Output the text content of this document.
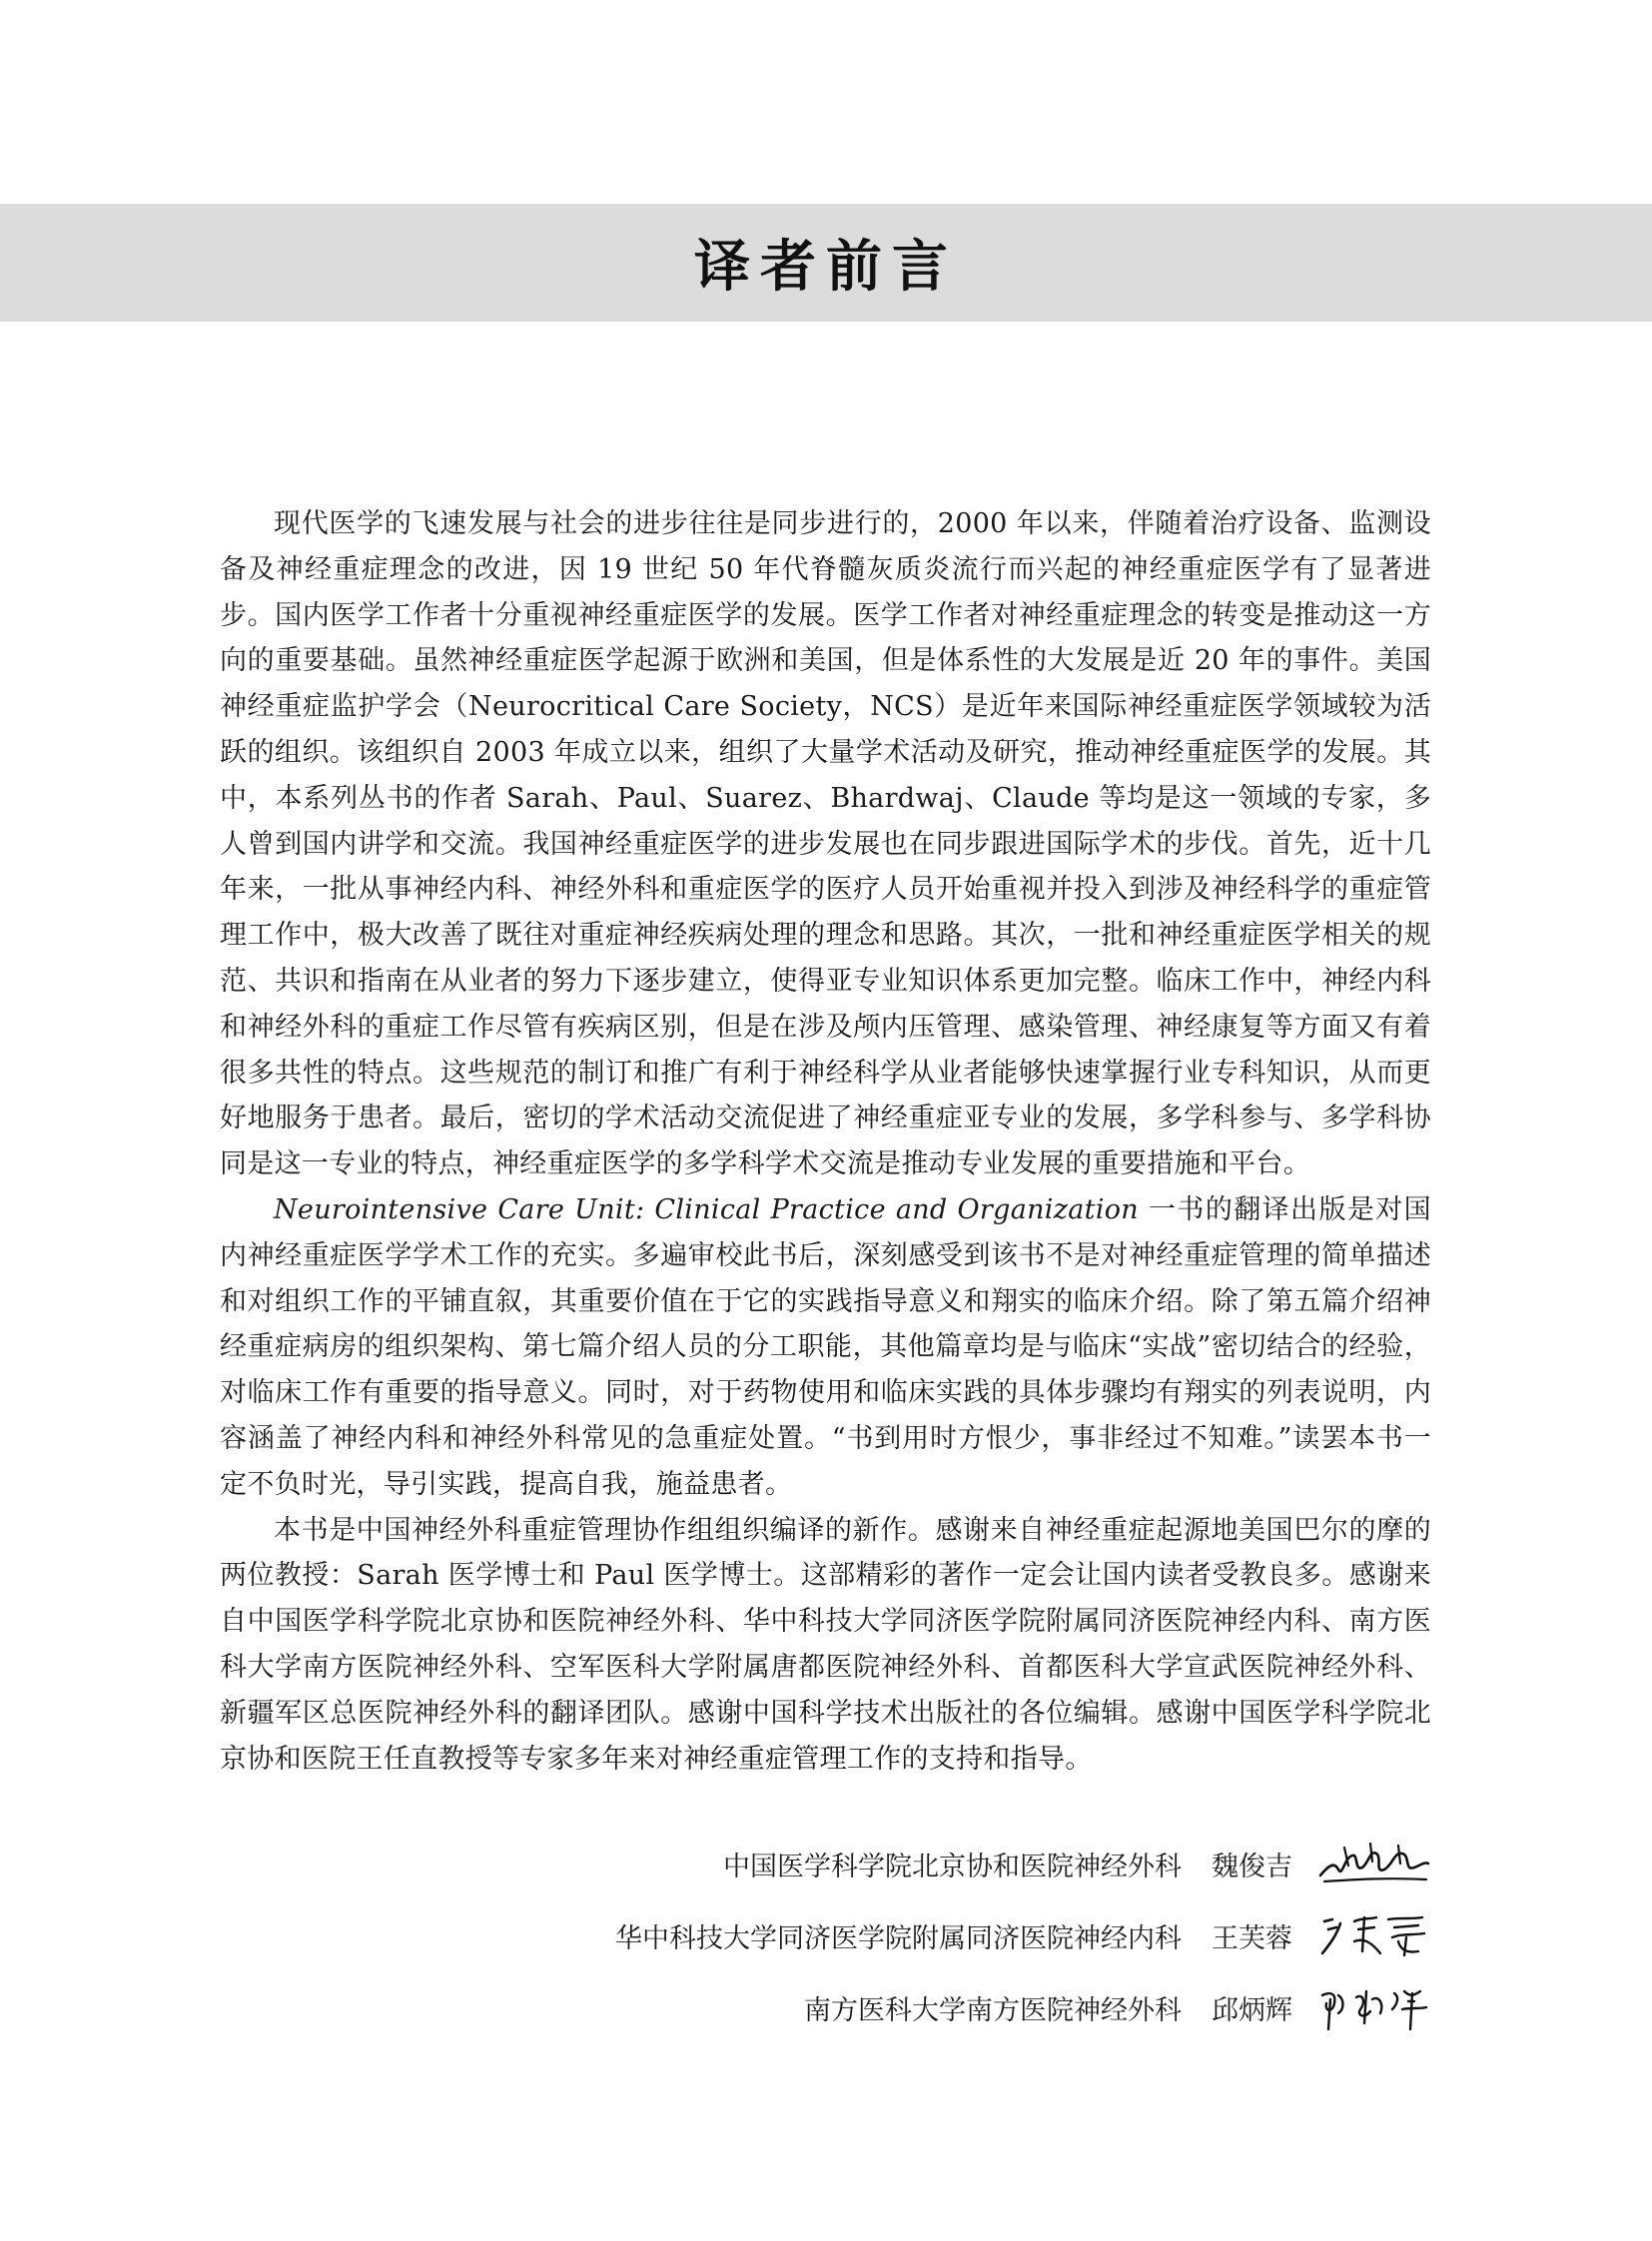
译者前言

现代医学的飞速发展与社会的进步往往是同步进行的，2000 年以来，伴随着治疗设备、监测设备及神经重症理念的改进，因 19 世纪 50 年代脊髓灰质炎流行而兴起的神经重症医学有了显著进步。国内医学工作者十分重视神经重症医学的发展。医学工作者对神经重症理念的转变是推动这一方向的重要基础。虽然神经重症医学起源于欧洲和美国，但是体系性的大发展是近 20 年的事件。美国神经重症监护学会（Neurocritical Care Society，NCS）是近年来国际神经重症医学领域较为活跃的组织。该组织自 2003 年成立以来，组织了大量学术活动及研究，推动神经重症医学的发展。其中，本系列丛书的作者 Sarah、Paul、Suarez、Bhardwaj、Claude 等均是这一领域的专家，多人曾到国内讲学和交流。我国神经重症医学的进步发展也在同步跟进国际学术的步伐。首先，近十几年来，一批从事神经内科、神经外科和重症医学的医疗人员开始重视并投入到涉及神经科学的重症管理工作中，极大改善了既往对重症神经疾病处理的理念和思路。其次，一批和神经重症医学相关的规范、共识和指南在从业者的努力下逐步建立，使得亚专业知识体系更加完整。临床工作中，神经内科和神经外科的重症工作尽管有疾病区别，但是在涉及颅内压管理、感染管理、神经康复等方面又有着很多共性的特点。这些规范的制订和推广有利于神经科学从业者能够快速掌握行业专科知识，从而更好地服务于患者。最后，密切的学术活动交流促进了神经重症亚专业的发展，多学科参与、多学科协同是这一专业的特点，神经重症医学的多学科学术交流是推动专业发展的重要措施和平台。

Neurointensive Care Unit: Clinical Practice and Organization 一书的翻译出版是对国内神经重症医学学术工作的充实。多遍审校此书后，深刻感受到该书不是对神经重症管理的简单描述和对组织工作的平铺直叙，其重要价值在于它的实践指导意义和翔实的临床介绍。除了第五篇介绍神经重症病房的组织架构、第七篇介绍人员的分工职能，其他篇章均是与临床“实战”密切结合的经验，对临床工作有重要的指导意义。同时，对于药物使用和临床实践的具体步骤均有翔实的列表说明，内容涵盖了神经内科和神经外科常见的急重症处置。“书到用时方恨少，事非经过不知难。”读罢本书一定不负时光，导引实践，提高自我，施益患者。

本书是中国神经外科重症管理协作组组织编译的新作。感谢来自神经重症起源地美国巴尔的摩的两位教授：Sarah 医学博士和 Paul 医学博士。这部精彩的著作一定会让国内读者受教良多。感谢来自中国医学科学院北京协和医院神经外科、华中科技大学同济医学院附属同济医院神经内科、南方医科大学南方医院神经外科、空军医科大学附属唐都医院神经外科、首都医科大学宣武医院神经外科、新疆军区总医院神经外科的翻译团队。感谢中国科学技术出版社的各位编辑。感谢中国医学科学院北京协和医院王任直教授等专家多年来对神经重症管理工作的支持和指导。

中国医学科学院北京协和医院神经外科 魏俊吉
华中科技大学同济医学院附属同济医院神经内科 王芙蓉
南方医科大学南方医院神经外科 邱炳辉
